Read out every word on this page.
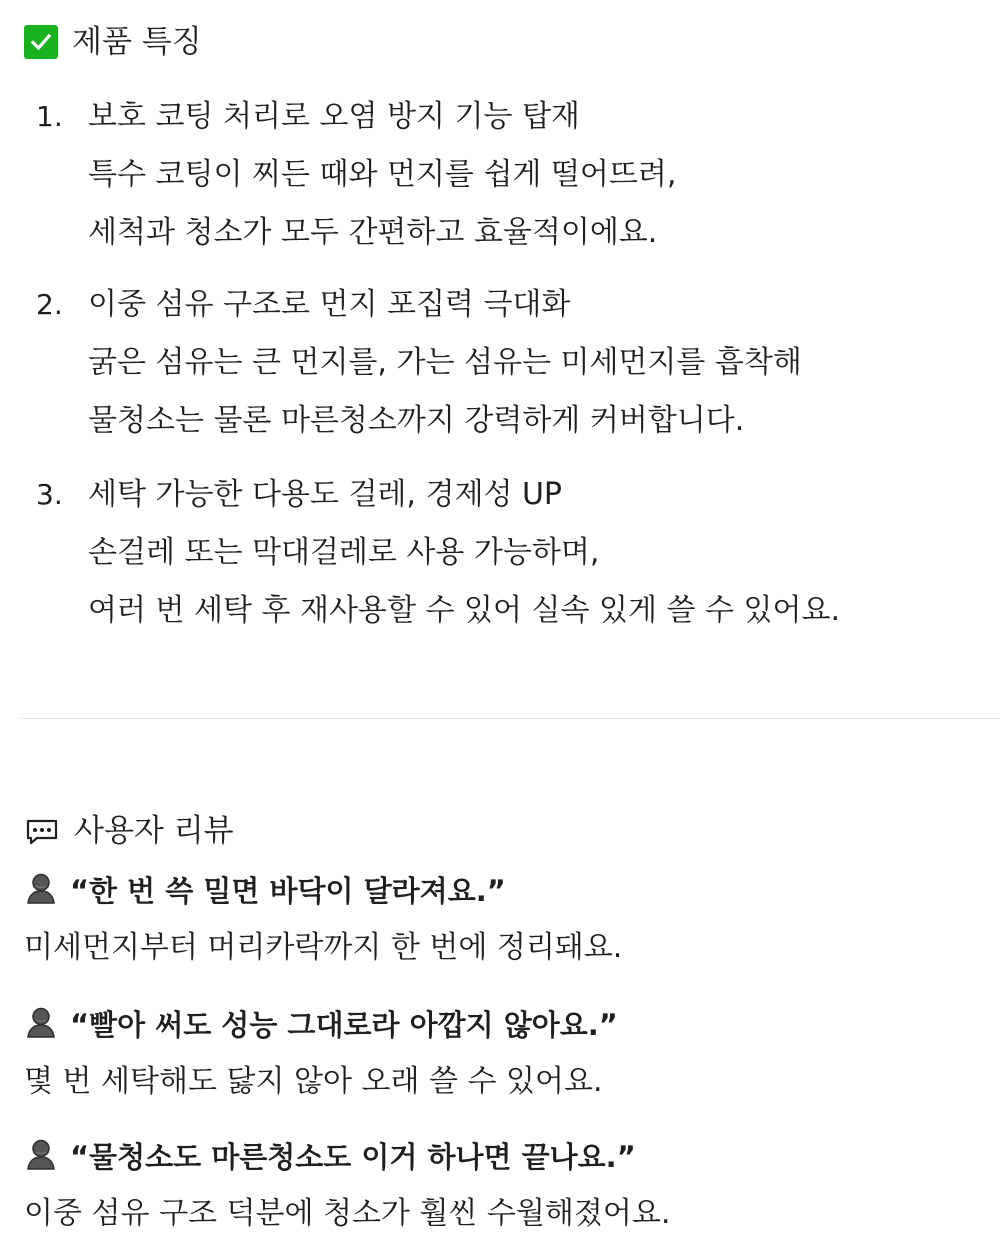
제품 특징
1. 보호 코팅 처리로 오염 방지 기능 탑재
특수 코팅이 찌든 때와 먼지를 쉽게 떨어뜨려,
세척과 청소가 모두 간편하고 효율적이에요.
2. 이중 섬유 구조로 먼지 포집력 극대화
굵은 섬유는 큰 먼지를, 가는 섬유는 미세먼지를 흡착해
물청소는 물론 마른청소까지 강력하게 커버합니다.
3. 세탁 가능한 다용도 걸레, 경제성 UP
손걸레 또는 막대걸레로 사용 가능하며,
여러 번 세탁 후 재사용할 수 있어 실속 있게 쓸 수 있어요.
사용자 리뷰
“한 번 쓱 밀면 바닥이 달라져요.”
미세먼지부터 머리카락까지 한 번에 정리돼요.
“빨아 써도 성능 그대로라 아깝지 않아요.”
몇 번 세탁해도 닳지 않아 오래 쓸 수 있어요.
“물청소도 마른청소도 이거 하나면 끝나요.”
이중 섬유 구조 덕분에 청소가 훨씬 수월해졌어요.
